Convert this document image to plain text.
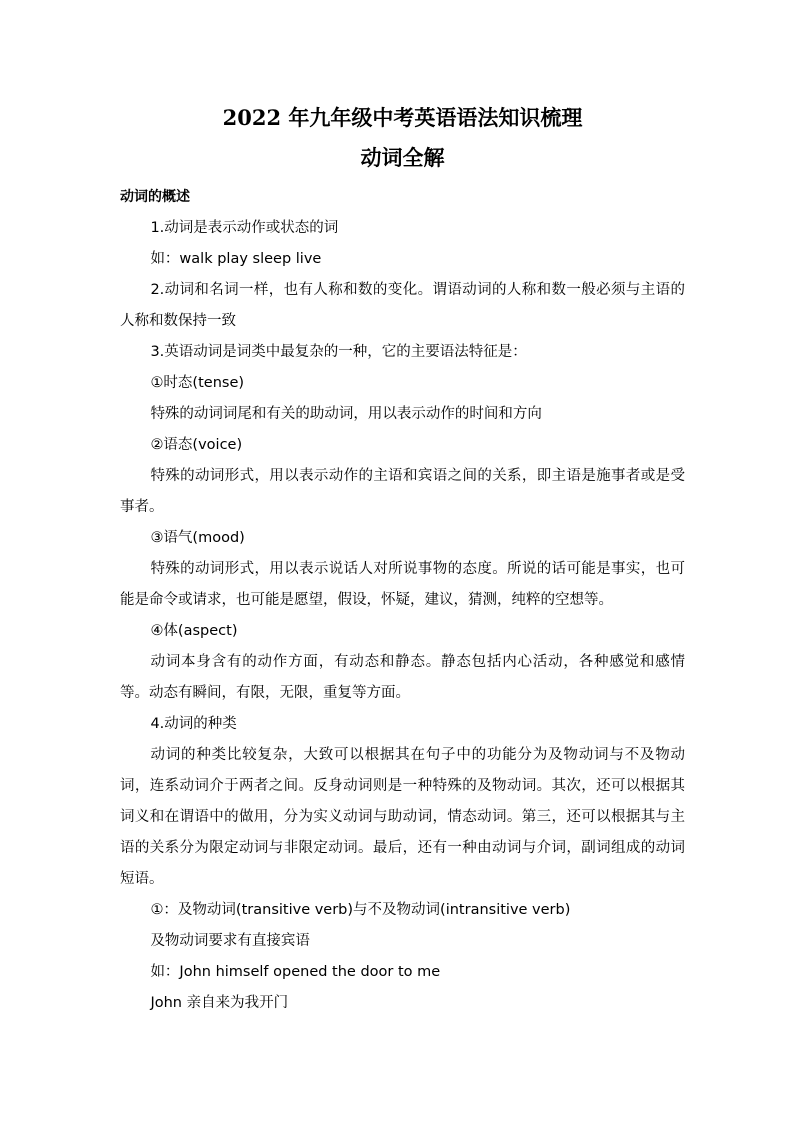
2022 年九年级中考英语语法知识梳理
动词全解

动词的概述

1.动词是表示动作或状态的词

如：walk play sleep live

2.动词和名词一样，也有人称和数的变化。谓语动词的人称和数一般必须与主语的人称和数保持一致

3.英语动词是词类中最复杂的一种，它的主要语法特征是：

①时态(tense)

特殊的动词词尾和有关的助动词，用以表示动作的时间和方向

②语态(voice)

特殊的动词形式，用以表示动作的主语和宾语之间的关系，即主语是施事者或是受事者。

③语气(mood)

特殊的动词形式，用以表示说话人对所说事物的态度。所说的话可能是事实，也可能是命令或请求，也可能是愿望，假设，怀疑，建议，猜测，纯粹的空想等。

④体(aspect)

动词本身含有的动作方面，有动态和静态。静态包括内心活动，各种感觉和感情等。动态有瞬间，有限，无限，重复等方面。

4.动词的种类

动词的种类比较复杂，大致可以根据其在句子中的功能分为及物动词与不及物动词，连系动词介于两者之间。反身动词则是一种特殊的及物动词。其次，还可以根据其词义和在谓语中的做用，分为实义动词与助动词，情态动词。第三，还可以根据其与主语的关系分为限定动词与非限定动词。最后，还有一种由动词与介词，副词组成的动词短语。

①：及物动词(transitive verb)与不及物动词(intransitive verb)

及物动词要求有直接宾语

如：John himself opened the door to me

John 亲自来为我开门
